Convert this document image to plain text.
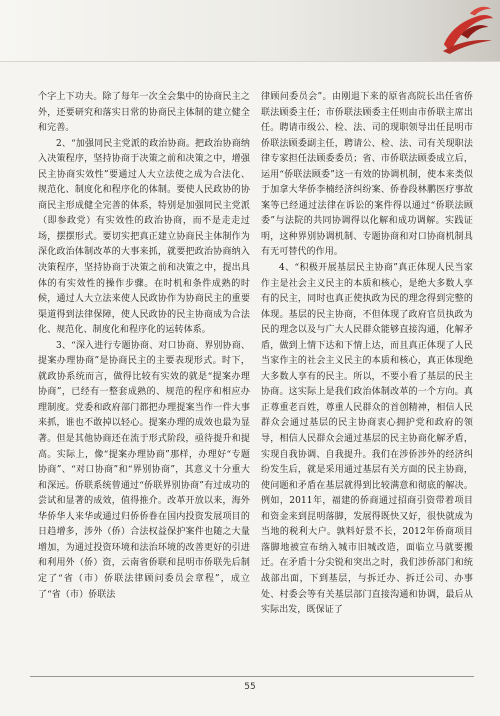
个字上下功夫。除了每年一次全会集中的协商民主之外，还要研究和落实日常的协商民主体制的建立健全和完善。

2、“加强同民主党派的政治协商。把政治协商纳入决策程序，坚持协商于决策之前和决策之中，增强民主协商实效性”要通过人大立法使之成为合法化、规范化、制度化和程序化的体制。要使人民政协的协商民主形成健全完善的体系，特别是加强同民主党派（即参政党）有实效性的政治协商，而不是走走过场，摆摆形式。要切实把真正建立协商民主体制作为深化政治体制改革的大事来抓，就要把政治协商纳入决策程序，坚持协商于决策之前和决策之中，提出具体的有实效性的操作步骤。在时机和条件成熟的时候，通过人大立法来使人民政协作为协商民主的重要渠道得到法律保障，使人民政协的民主协商成为合法化、规范化、制度化和程序化的运转体系。

3、“深入进行专题协商、对口协商、界别协商、提案办理协商”是协商民主的主要表现形式。时下，就政协系统而言，做得比较有实效的就是“提案办理协商”，已经有一整套成熟的、规范的程序和相应办理制度。党委和政府部门都把办理提案当作一件大事来抓，谁也不敢掉以轻心。提案办理的成效也最为显著。但是其他协商还在流于形式阶段，亟待提升和提高。实际上，像“提案办理协商”那样，办理好“专题协商”、“对口协商”和“界别协商”，其意义十分重大和深远。侨联系统曾通过“侨联界别协商”有过成功的尝试和显著的成效，值得推介。改革开放以来，海外华侨华人来华或通过归侨侨眷在国内投资发展项目的日趋增多，涉外（侨）合法权益保护案件也随之大量增加，为通过投资环境和法治环境的改善更好的引进和利用外（侨）资，云南省侨联和昆明市侨联先后制定了“省（市）侨联法律顾问委员会章程”，成立了“省（市）侨联法

律顾问委员会”。由刚退下来的原省高院长出任省侨联法顾委主任；市侨联法顾委主任则由市侨联主席出任。聘请市级公、检、法、司的现职领导出任昆明市侨联法顾委副主任，聘请公、检、法、司有关现职法律专家担任法顾委委员；省、市侨联法顾委成立后，运用“侨联法顾委”这一有效的协调机制，使本来类似于加拿大华侨李楠经济纠纷案、侨眷段林鹏医疗事故案等已经通过法律在诉讼的案件得以通过“侨联法顾委”与法院的共同协调得以化解和成功调解。实践证明，这种界别协调机制、专题协商和对口协商机制具有无可替代的作用。

4、“积极开展基层民主协商”真正体现人民当家作主是社会主义民主的本质和核心，是绝大多数人享有的民主，同时也真正使执政为民的理念得到完整的体现。基层的民主协商，不但体现了政府官员执政为民的理念以及与广大人民群众能够直接沟通，化解矛盾，做到上情下达和下情上达，而且真正体现了人民当家作主的社会主义民主的本质和核心，真正体现绝大多数人享有的民主。所以，不要小看了基层的民主协商。这实际上是我们政治体制改革的一个方向。真正尊重老百姓，尊重人民群众的首创精神，相信人民群众会通过基层的民主协商衷心拥护党和政府的领导，相信人民群众会通过基层的民主协商化解矛盾，实现自我协调、自我提升。我们在涉侨涉外的经济纠纷发生后，就是采用通过基层有关方面的民主协商，使问题和矛盾在基层就得到比较满意和彻底的解决。例如，2011年，福建的侨商通过招商引资带着项目和资金来到昆明落脚，发展得既快又好，很快就成为当地的税利大户。孰料好景不长，2012年侨商项目落脚地被宣布纳入城市旧城改造，面临立马就要搬迁。在矛盾十分尖锐和突出之时，我们涉侨部门和统战部出面，下到基层，与拆迁办、拆迁公司、办事处、村委会等有关基层部门直接沟通和协调，最后从实际出发，既保证了

55
